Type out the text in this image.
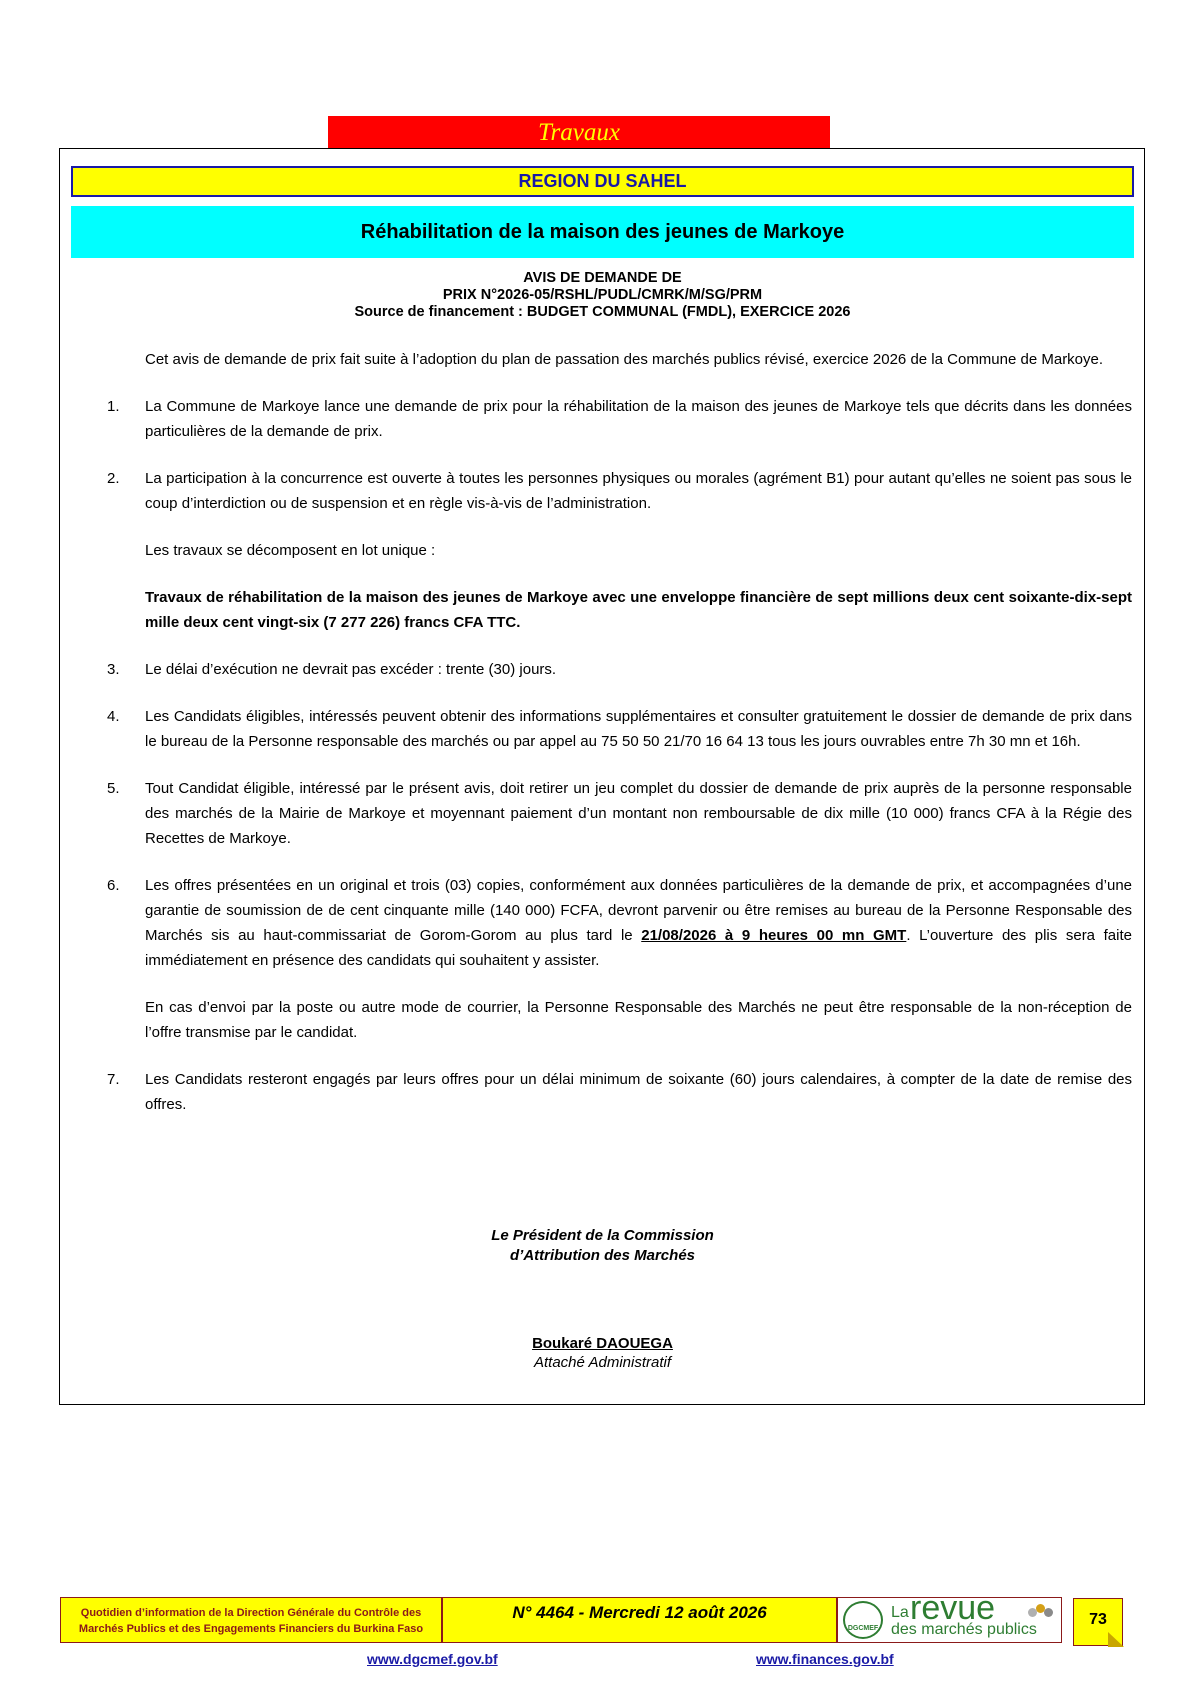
Travaux
REGION DU SAHEL
Réhabilitation de la maison des jeunes de Markoye
AVIS DE DEMANDE DE
PRIX N°2026-05/RSHL/PUDL/CMRK/M/SG/PRM
Source de financement : BUDGET COMMUNAL (FMDL), EXERCICE 2026

Cet avis de demande de prix fait suite à l’adoption du plan de passation des marchés publics révisé, exercice 2026 de la Commune de Markoye.

1. La Commune de Markoye lance une demande de prix pour la réhabilitation de la maison des jeunes de Markoye tels que décrits dans les données particulières de la demande de prix.

2. La participation à la concurrence est ouverte à toutes les personnes physiques ou morales (agrément B1) pour autant qu’elles ne soient pas sous le coup d’interdiction ou de suspension et en règle vis-à-vis de l’administration.

Les travaux se décomposent en lot unique :

Travaux de réhabilitation de la maison des jeunes de Markoye avec une enveloppe financière de sept millions deux cent soixante-dix-sept mille deux cent vingt-six (7 277 226) francs CFA TTC.

3. Le délai d’exécution ne devrait pas excéder : trente (30) jours.

4. Les Candidats éligibles, intéressés peuvent obtenir des informations supplémentaires et consulter gratuitement le dossier de demande de prix dans le bureau de la Personne responsable des marchés ou par appel au 75 50 50 21/70 16 64 13 tous les jours ouvrables entre 7h 30 mn et 16h.

5. Tout Candidat éligible, intéressé par le présent avis, doit retirer un jeu complet du dossier de demande de prix auprès de la personne responsable des marchés de la Mairie de Markoye et moyennant paiement d’un montant non remboursable de dix mille (10 000) francs CFA à la Régie des Recettes de Markoye.

6. Les offres présentées en un original et trois (03) copies, conformément aux données particulières de la demande de prix, et accompagnées d’une garantie de soumission de de cent cinquante mille (140 000) FCFA, devront parvenir ou être remises au bureau de la Personne Responsable des Marchés sis au haut-commissariat de Gorom-Gorom au plus tard le 21/08/2026 à 9 heures 00 mn GMT. L’ouverture des plis sera faite immédiatement en présence des candidats qui souhaitent y assister.

En cas d’envoi par la poste ou autre mode de courrier, la Personne Responsable des Marchés ne peut être responsable de la non-réception de l’offre transmise par le candidat.

7. Les Candidats resteront engagés par leurs offres pour un délai minimum de soixante (60) jours calendaires, à compter de la date de remise des offres.

Le Président de la Commission
d’Attribution des Marchés
Boukaré DAOUEGA
Attaché Administratif
Quotidien d’information de la Direction Générale du Contrôle des
Marchés Publics et des Engagements Financiers du Burkina Faso
N° 4464 - Mercredi 12 août 2026
DGCMEF
La revue
des marchés publics
73
www.dgcmef.gov.bf	www.finances.gov.bf
